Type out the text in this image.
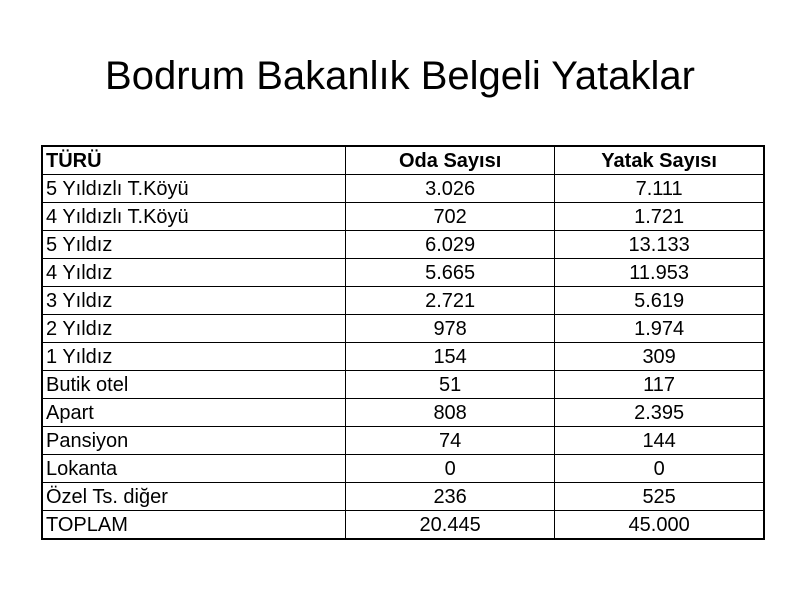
Bodrum Bakanlık Belgeli Yataklar
TÜRÜ	Oda Sayısı	Yatak Sayısı
5 Yıldızlı T.Köyü	3.026	7.111
4 Yıldızlı T.Köyü	702	1.721
5 Yıldız	6.029	13.133
4 Yıldız	5.665	11.953
3 Yıldız	2.721	5.619
2 Yıldız	978	1.974
1 Yıldız	154	309
Butik otel	51	117
Apart	808	2.395
Pansiyon	74	144
Lokanta	0	0
Özel Ts. diğer	236	525
TOPLAM	20.445	45.000
